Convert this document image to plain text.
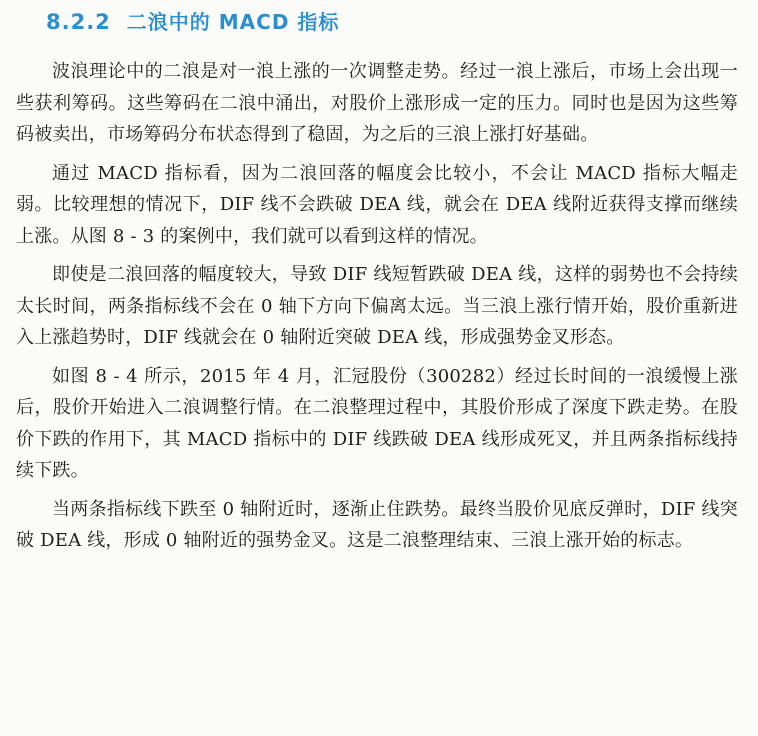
8.2.2 二浪中的 MACD 指标

波浪理论中的二浪是对一浪上涨的一次调整走势。经过一浪上涨后，市场上会出现一些获利筹码。这些筹码在二浪中涌出，对股价上涨形成一定的压力。同时也是因为这些筹码被卖出，市场筹码分布状态得到了稳固，为之后的三浪上涨打好基础。

通过 MACD 指标看，因为二浪回落的幅度会比较小，不会让 MACD 指标大幅走弱。比较理想的情况下，DIF 线不会跌破 DEA 线，就会在 DEA 线附近获得支撑而继续上涨。从图 8 - 3 的案例中，我们就可以看到这样的情况。

即使是二浪回落的幅度较大，导致 DIF 线短暂跌破 DEA 线，这样的弱势也不会持续太长时间，两条指标线不会在 0 轴下方向下偏离太远。当三浪上涨行情开始，股价重新进入上涨趋势时，DIF 线就会在 0 轴附近突破 DEA 线，形成强势金叉形态。

如图 8 - 4 所示，2015 年 4 月，汇冠股份（300282）经过长时间的一浪缓慢上涨后，股价开始进入二浪调整行情。在二浪整理过程中，其股价形成了深度下跌走势。在股价下跌的作用下，其 MACD 指标中的 DIF 线跌破 DEA 线形成死叉，并且两条指标线持续下跌。

当两条指标线下跌至 0 轴附近时，逐渐止住跌势。最终当股价见底反弹时，DIF 线突破 DEA 线，形成 0 轴附近的强势金叉。这是二浪整理结束、三浪上涨开始的标志。
